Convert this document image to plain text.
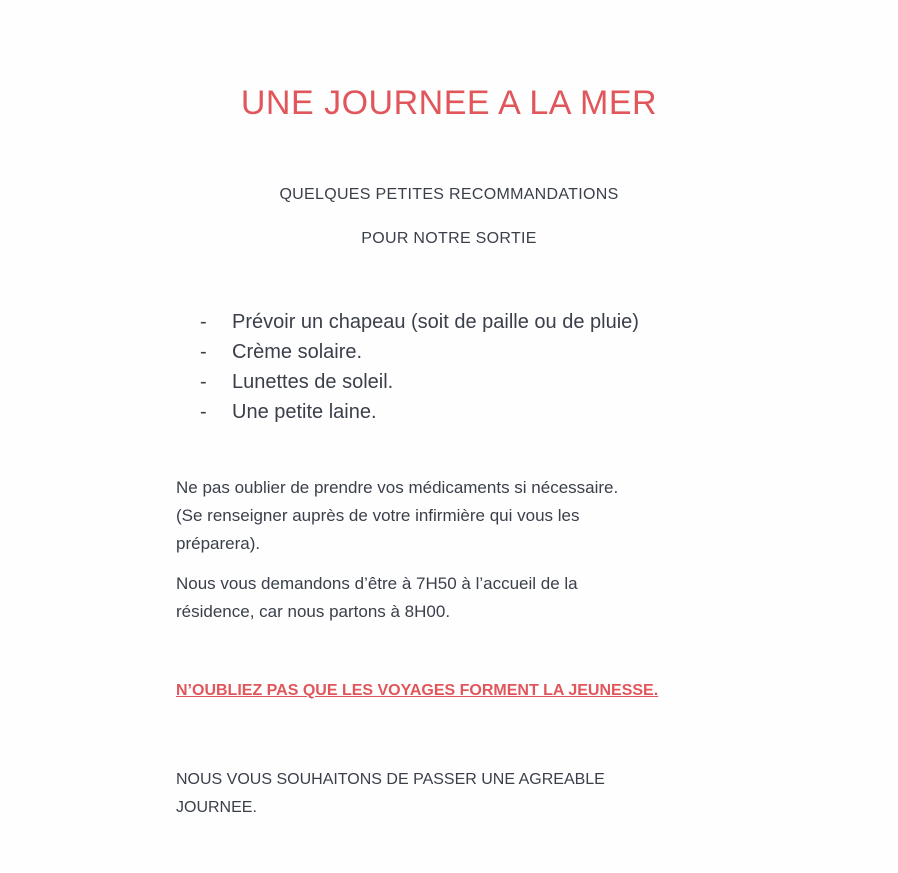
UNE JOURNEE A LA MER
QUELQUES PETITES RECOMMANDATIONS
POUR NOTRE SORTIE
- Prévoir un chapeau (soit de paille ou de pluie)
- Crème solaire.
- Lunettes de soleil.
- Une petite laine.
Ne pas oublier de prendre vos médicaments si nécessaire.
(Se renseigner auprès de votre infirmière qui vous les
préparera).
Nous vous demandons d’être à 7H50 à l’accueil de la
résidence, car nous partons à 8H00.
N’OUBLIEZ PAS QUE LES VOYAGES FORMENT LA JEUNESSE.
NOUS VOUS SOUHAITONS DE PASSER UNE AGREABLE
JOURNEE.
